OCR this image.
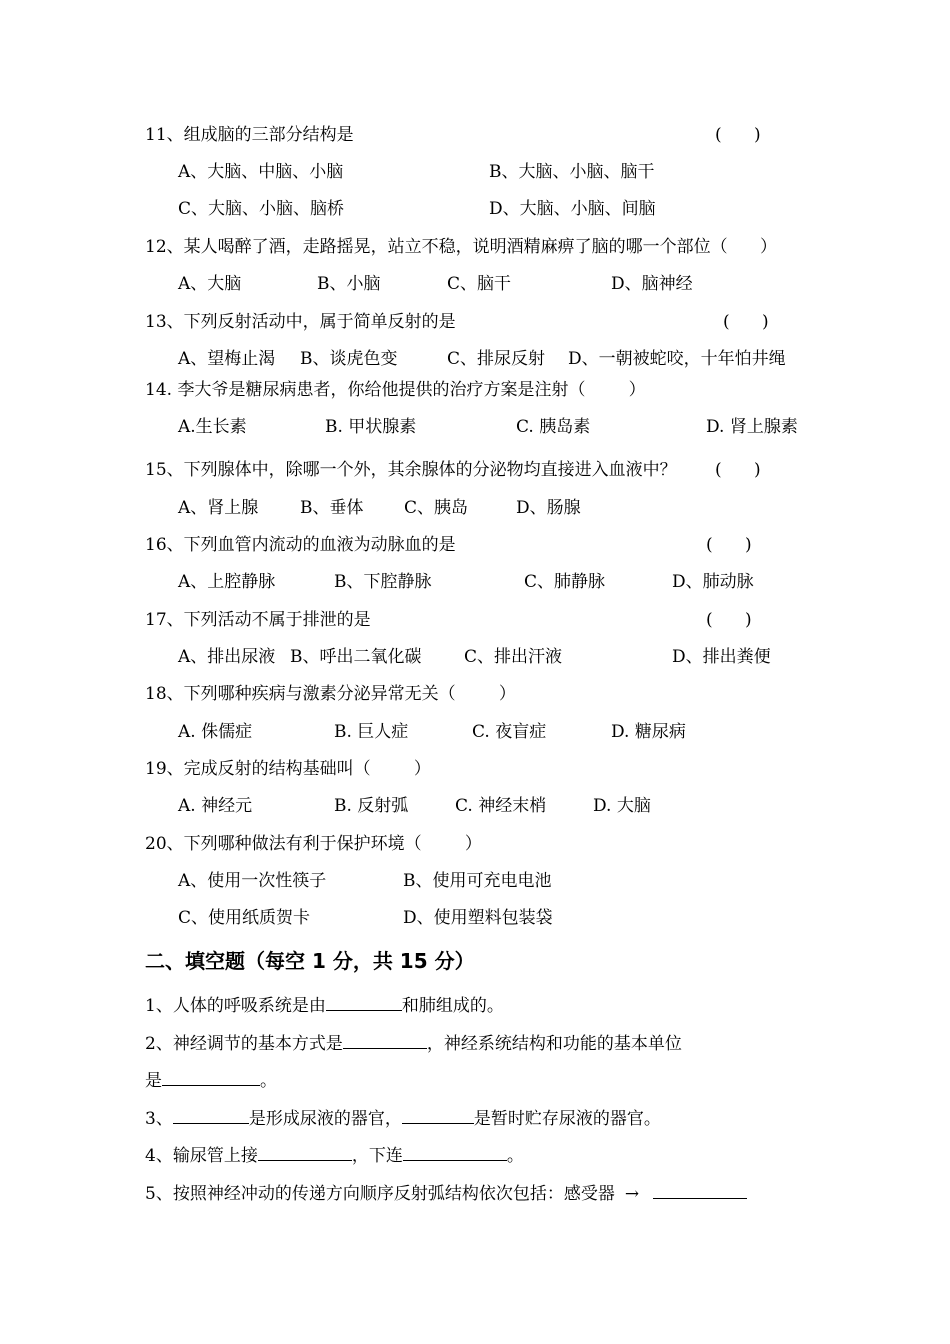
11、组成脑的三部分结构是	(      )
A、大脑、中脑、小脑	B、大脑、小脑、脑干
C、大脑、小脑、脑桥	D、大脑、小脑、间脑
12、某人喝醉了酒，走路摇晃，站立不稳，说明酒精麻痹了脑的哪一个部位（      ）
A、大脑	B、小脑	C、脑干	D、脑神经
13、下列反射活动中，属于简单反射的是	(      )
A、望梅止渴 B、谈虎色变	C、排尿反射 D、一朝被蛇咬，十年怕井绳
14. 李大爷是糖尿病患者，你给他提供的治疗方案是注射（        ）
A.生长素	B. 甲状腺素	C. 胰岛素	D. 肾上腺素
15、下列腺体中，除哪一个外，其余腺体的分泌物均直接进入血液中？ (      )
A、肾上腺 B、垂体 C、胰岛	D、肠腺
16、下列血管内流动的血液为动脉血的是	(      )
A、上腔静脉	B、下腔静脉	C、肺静脉	D、肺动脉
17、下列活动不属于排泄的是	(      )
A、排出尿液 B、呼出二氧化碳	C、排出汗液	D、排出粪便
18、下列哪种疾病与激素分泌异常无关（        ）
A. 侏儒症	B. 巨人症	C. 夜盲症	D. 糖尿病
19、完成反射的结构基础叫（        ）
A. 神经元	B. 反射弧	C. 神经末梢	D. 大脑
20、下列哪种做法有利于保护环境（        ）
A、使用一次性筷子	B、使用可充电电池
C、使用纸质贺卡	D、使用塑料包装袋
二、填空题（每空 1 分，共 15 分）
1、人体的呼吸系统是由	和肺组成的。
2、神经调节的基本方式是	，神经系统结构和功能的基本单位
是	。
3、	是形成尿液的器官，	是暂时贮存尿液的器官。
4、输尿管上接	，下连	。
5、按照神经冲动的传递方向顺序反射弧结构依次包括：感受器 →
